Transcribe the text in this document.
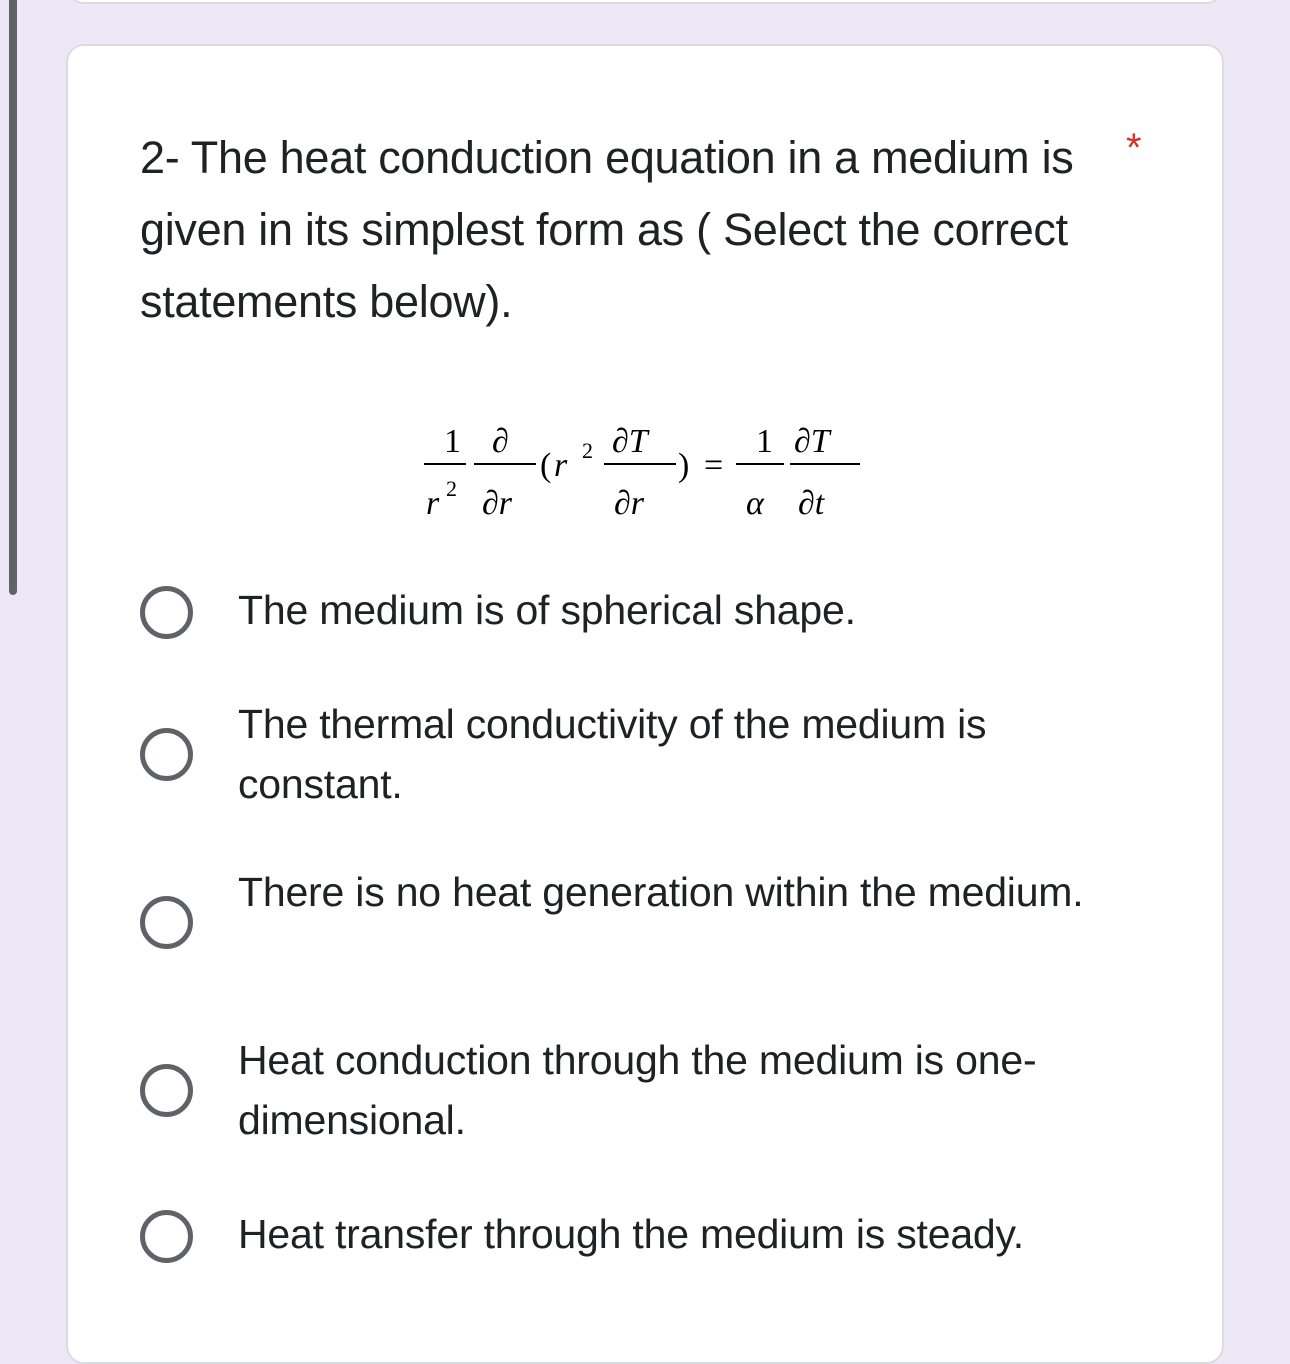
2- The heat conduction equation in a medium is given in its simplest form as ( Select the correct statements below).
*
1
r 2
∂
∂r
( r 2 ∂T
∂r
) =
1
α
∂T
∂t
The medium is of spherical shape.
The thermal conductivity of the medium is constant.
There is no heat generation within the medium.
Heat conduction through the medium is one-dimensional.
Heat transfer through the medium is steady.
